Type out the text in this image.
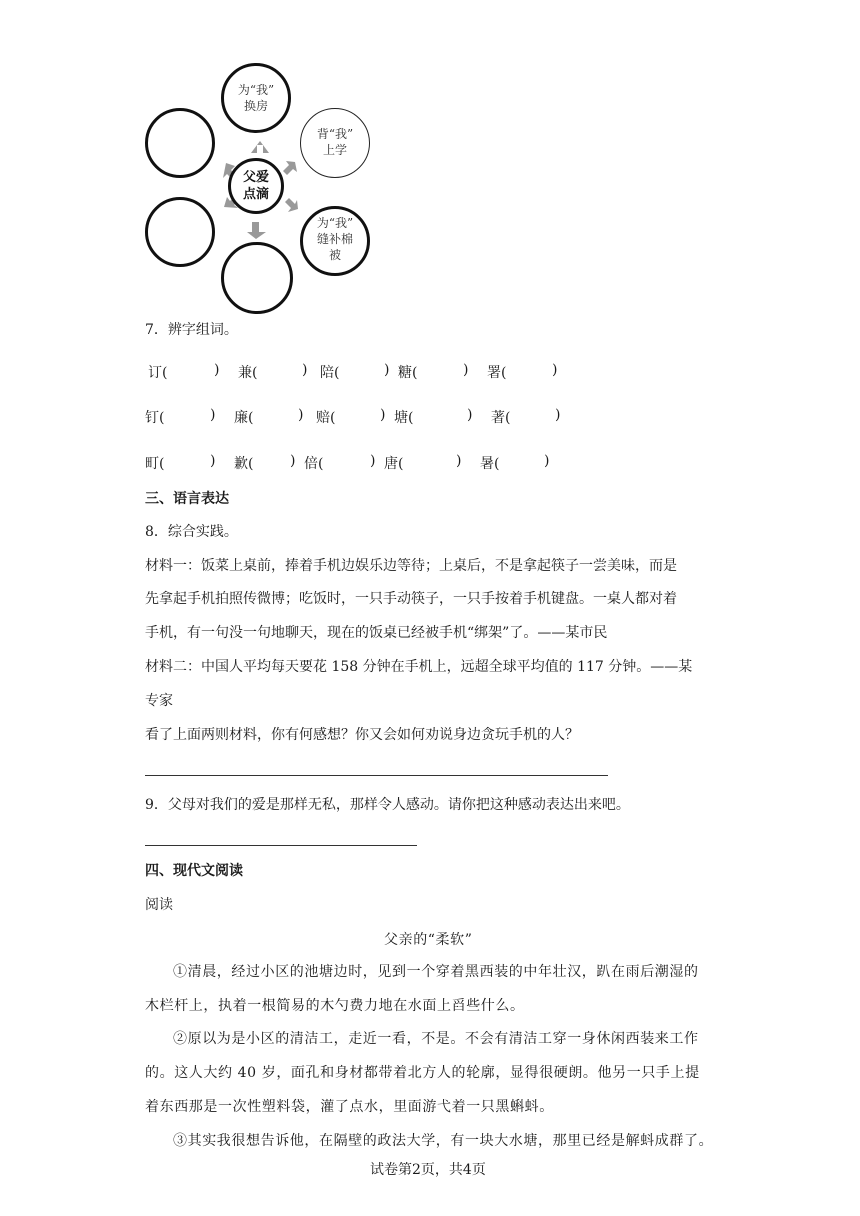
为“我”
换房
背“我”
上学
为“我”
缝补棉
被
父爱
点滴
7．辨字组词。
订(	) 兼(	) 陪(	) 糖(	) 署(	)
钉(	) 廉(	) 赔(	) 塘(	) 著(	)
町(	) 歉(	) 倍(	) 唐(	) 暑(	)
三、语言表达
8．综合实践。
材料一：饭菜上桌前，捧着手机边娱乐边等待；上桌后，不是拿起筷子一尝美味，而是
先拿起手机拍照传微博；吃饭时，一只手动筷子，一只手按着手机键盘。一桌人都对着
手机，有一句没一句地聊天，现在的饭桌已经被手机“绑架”了。——某市民
材料二：中国人平均每天要花 158 分钟在手机上，远超全球平均值的 117 分钟。——某
专家
看了上面两则材料，你有何感想？你又会如何劝说身边贪玩手机的人？
9．父母对我们的爱是那样无私，那样令人感动。请你把这种感动表达出来吧。
四、现代文阅读
阅读
父亲的“柔软”
①清晨，经过小区的池塘边时，见到一个穿着黑西装的中年壮汉，趴在雨后潮湿的
木栏杆上，执着一根简易的木勺费力地在水面上舀些什么。
②原以为是小区的清洁工，走近一看，不是。不会有清洁工穿一身休闲西装来工作
的。这人大约 40 岁，面孔和身材都带着北方人的轮廓，显得很硬朗。他另一只手上提
着东西那是一次性塑料袋，灌了点水，里面游弋着一只黑蝌蚪。
③其实我很想告诉他，在隔壁的政法大学，有一块大水塘，那里已经是解蚪成群了。
试卷第2页，共4页
